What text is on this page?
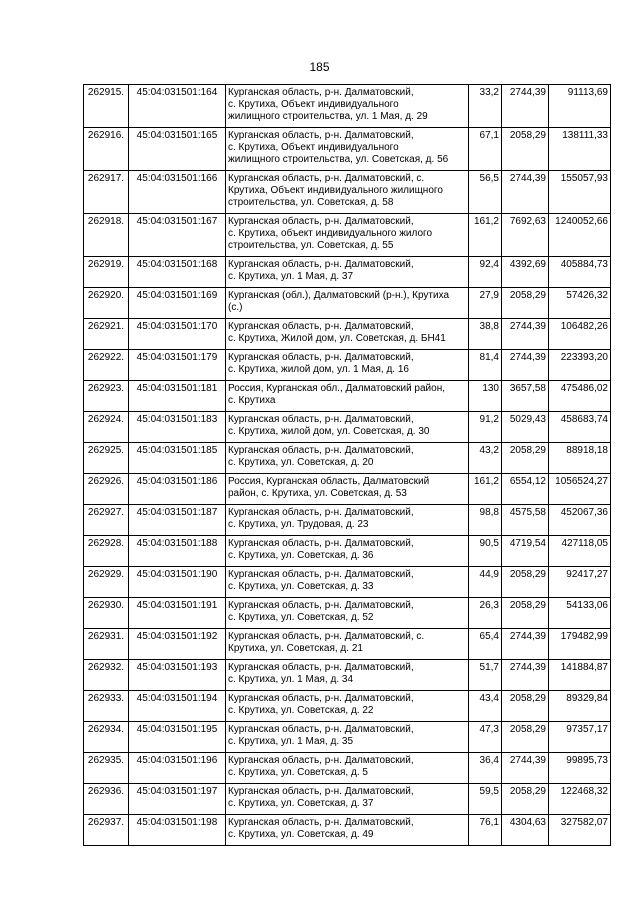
185
262915.	45:04:031501:164	Курганская область, р-н. Далматовский,
с. Крутиха, Объект индивидуального
жилищного строительства, ул. 1 Мая, д. 29	33,2	2744,39	91113,69
262916.	45:04:031501:165	Курганская область, р-н. Далматовский,
с. Крутиха, Объект индивидуального
жилищного строительства, ул. Советская, д. 56	67,1	2058,29	138111,33
262917.	45:04:031501:166	Курганская область, р-н. Далматовский, с.
Крутиха, Объект индивидуального жилищного
строительства, ул. Советская, д. 58	56,5	2744,39	155057,93
262918.	45:04:031501:167	Курганская область, р-н. Далматовский,
с. Крутиха, объект индивидуального жилого
строительства, ул. Советская, д. 55	161,2	7692,63	1240052,66
262919.	45:04:031501:168	Курганская область, р-н. Далматовский,
с. Крутиха, ул. 1 Мая, д. 37	92,4	4392,69	405884,73
262920.	45:04:031501:169	Курганская (обл.), Далматовский (р-н.), Крутиха
(с.)	27,9	2058,29	57426,32
262921.	45:04:031501:170	Курганская область, р-н. Далматовский,
с. Крутиха, Жилой дом, ул. Советская, д. БН41	38,8	2744,39	106482,26
262922.	45:04:031501:179	Курганская область, р-н. Далматовский,
с. Крутиха, жилой дом, ул. 1 Мая, д. 16	81,4	2744,39	223393,20
262923.	45:04:031501:181	Россия, Курганская обл., Далматовский район,
с. Крутиха	130	3657,58	475486,02
262924.	45:04:031501:183	Курганская область, р-н. Далматовский,
с. Крутиха, жилой дом, ул. Советская, д. 30	91,2	5029,43	458683,74
262925.	45:04:031501:185	Курганская область, р-н. Далматовский,
с. Крутиха, ул. Советская, д. 20	43,2	2058,29	88918,18
262926.	45:04:031501:186	Россия, Курганская область, Далматовский
район, с. Крутиха, ул. Советская, д. 53	161,2	6554,12	1056524,27
262927.	45:04:031501:187	Курганская область, р-н. Далматовский,
с. Крутиха, ул. Трудовая, д. 23	98,8	4575,58	452067,36
262928.	45:04:031501:188	Курганская область, р-н. Далматовский,
с. Крутиха, ул. Советская, д. 36	90,5	4719,54	427118,05
262929.	45:04:031501:190	Курганская область, р-н. Далматовский,
с. Крутиха, ул. Советская, д. 33	44,9	2058,29	92417,27
262930.	45:04:031501:191	Курганская область, р-н. Далматовский,
с. Крутиха, ул. Советская, д. 52	26,3	2058,29	54133,06
262931.	45:04:031501:192	Курганская область, р-н. Далматовский, с.
Крутиха, ул. Советская, д. 21	65,4	2744,39	179482,99
262932.	45:04:031501:193	Курганская область, р-н. Далматовский,
с. Крутиха, ул. 1 Мая, д. 34	51,7	2744,39	141884,87
262933.	45:04:031501:194	Курганская область, р-н. Далматовский,
с. Крутиха, ул. Советская, д. 22	43,4	2058,29	89329,84
262934.	45:04:031501:195	Курганская область, р-н. Далматовский,
с. Крутиха, ул. 1 Мая, д. 35	47,3	2058,29	97357,17
262935.	45:04:031501:196	Курганская область, р-н. Далматовский,
с. Крутиха, ул. Советская, д. 5	36,4	2744,39	99895,73
262936.	45:04:031501:197	Курганская область, р-н. Далматовский,
с. Крутиха, ул. Советская, д. 37	59,5	2058,29	122468,32
262937.	45:04:031501:198	Курганская область, р-н. Далматовский,
с. Крутиха, ул. Советская, д. 49	76,1	4304,63	327582,07
